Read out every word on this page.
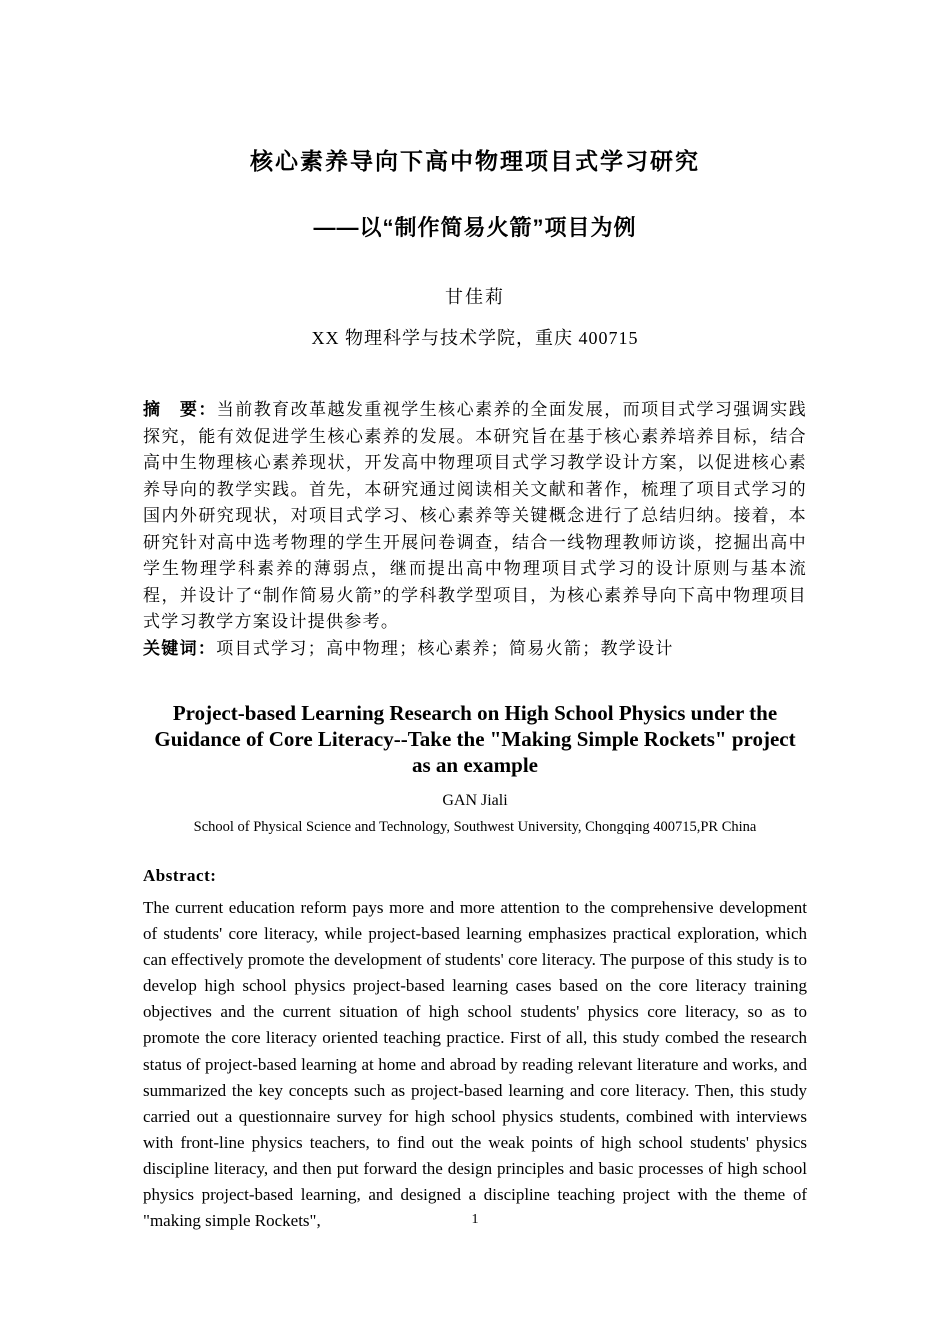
核心素养导向下高中物理项目式学习研究
——以“制作简易火箭”项目为例
甘佳莉
XX 物理科学与技术学院，重庆 400715

摘　要：当前教育改革越发重视学生核心素养的全面发展，而项目式学习强调实践探究，能有效促进学生核心素养的发展。本研究旨在基于核心素养培养目标，结合高中生物理核心素养现状，开发高中物理项目式学习教学设计方案，以促进核心素养导向的教学实践。首先，本研究通过阅读相关文献和著作，梳理了项目式学习的国内外研究现状，对项目式学习、核心素养等关键概念进行了总结归纳。接着，本研究针对高中选考物理的学生开展问卷调查，结合一线物理教师访谈，挖掘出高中学生物理学科素养的薄弱点，继而提出高中物理项目式学习的设计原则与基本流程，并设计了“制作简易火箭”的学科教学型项目，为核心素养导向下高中物理项目式学习教学方案设计提供参考。

关键词：项目式学习；高中物理；核心素养；简易火箭；教学设计

Project-based Learning Research on High School Physics under the Guidance of Core Literacy--Take the "Making Simple Rockets" project as an example
GAN Jiali
School of Physical Science and Technology, Southwest University, Chongqing 400715,PR China
Abstract:
The current education reform pays more and more attention to the comprehensive development of students' core literacy, while project-based learning emphasizes practical exploration, which can effectively promote the development of students' core literacy. The purpose of this study is to develop high school physics project-based learning cases based on the core literacy training objectives and the current situation of high school students' physics core literacy, so as to promote the core literacy oriented teaching practice. First of all, this study combed the research status of project-based learning at home and abroad by reading relevant literature and works, and summarized the key concepts such as project-based learning and core literacy. Then, this study carried out a questionnaire survey for high school physics students, combined with interviews with front-line physics teachers, to find out the weak points of high school students' physics discipline literacy, and then put forward the design principles and basic processes of high school physics project-based learning, and designed a discipline teaching project with the theme of "making simple Rockets",	1
